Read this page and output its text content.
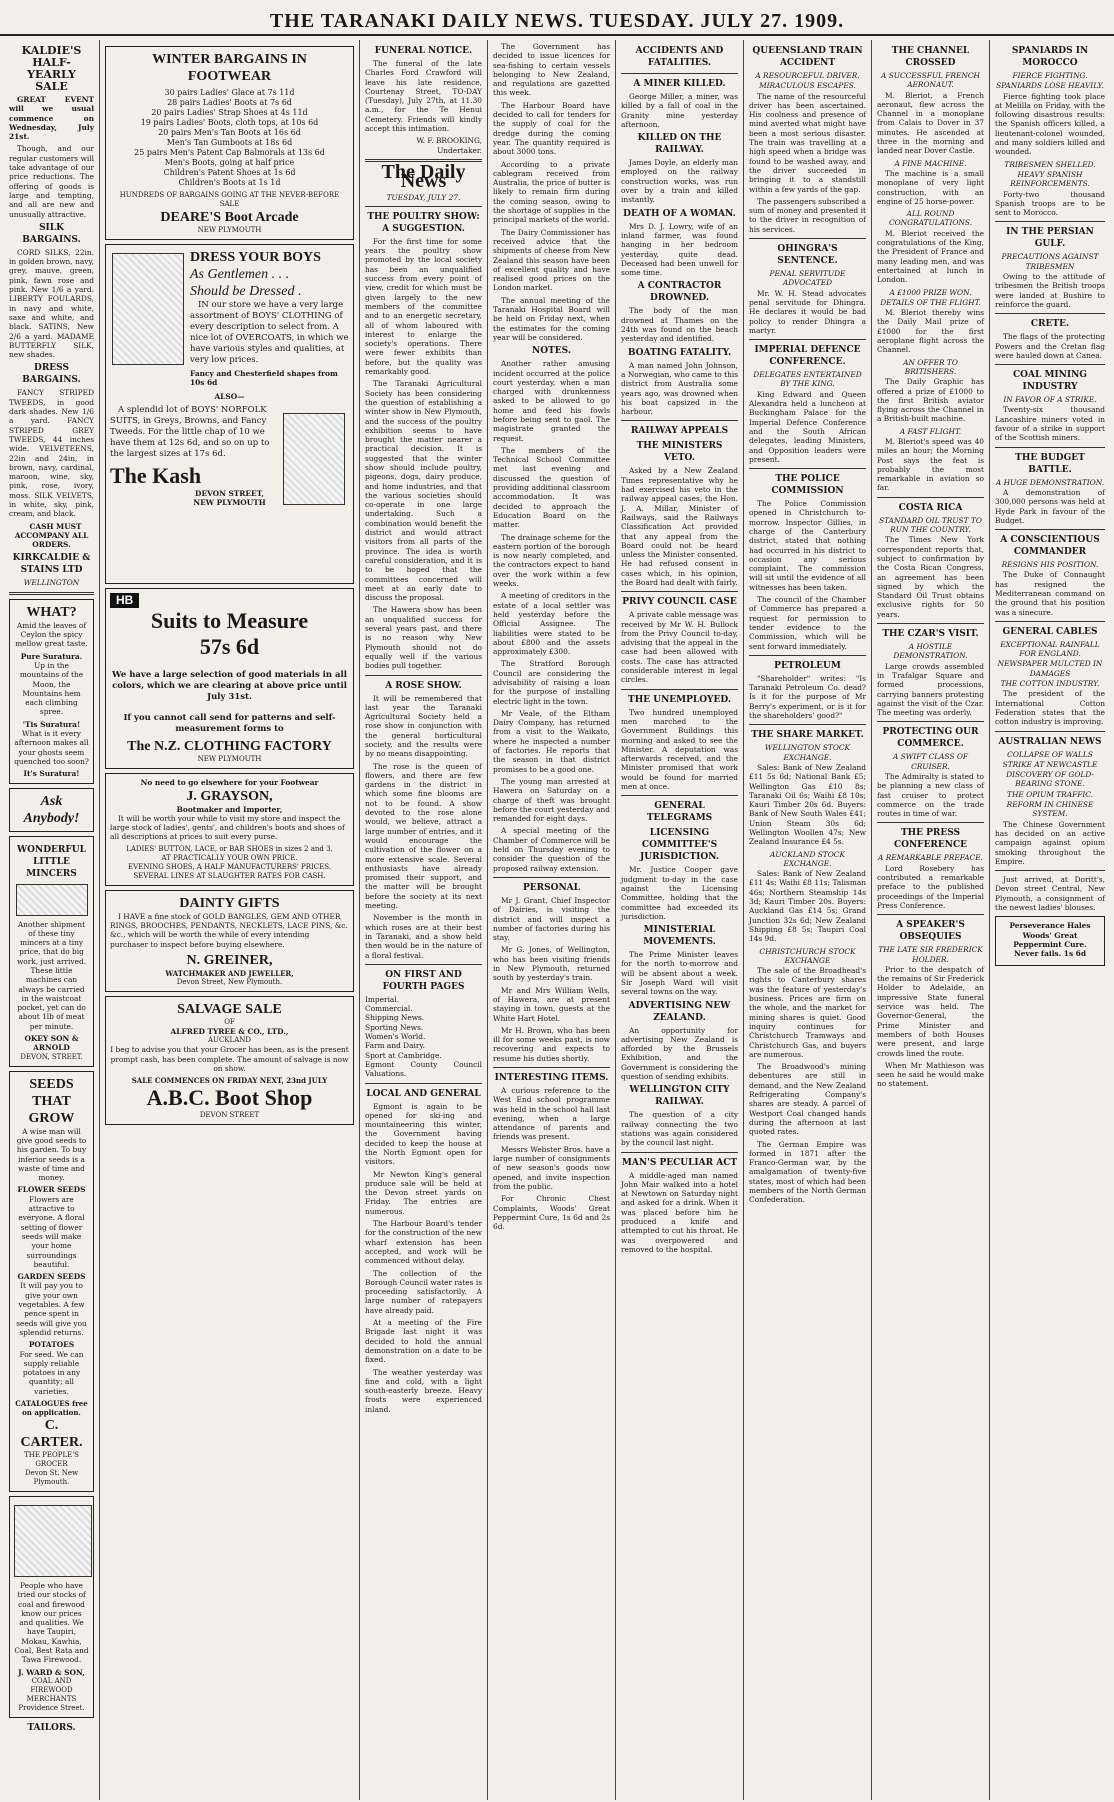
THE TARANAKI DAILY NEWS. TUESDAY. JULY 27. 1909.
KALDIE'S HALF-YEARLY SALE

GREAT EVENT will we usual commence on Wednesday, July 21st.

Though, and our regular customers will take advantage of our price reductions. The offering of goods is large and tempting, and all are new and unusually attractive.

SILK BARGAINS.

CORD SILKS, 22in. in golden brown, navy, grey, mauve, green, pink, fawn rose and pink. New 1/6 a yard. LIBERTY FOULARDS, in navy and white, saxe and white, and black. SATINS, New 2/6 a yard. MADAME BUTTERFLY SILK, new shades.

DRESS BARGAINS.

FANCY STRIPED TWEEDS, in good dark shades. New 1/6 a yard. FANCY STRIPED GREY TWEEDS, 44 inches wide. VELVETEENS, 22in and 24in, in brown, navy, cardinal, maroon, wine, sky, pink, rose, ivory, moss. SILK VELVETS, in white, sky, pink, cream, and black.

CASH MUST ACCOMPANY ALL ORDERS.

KIRKCALDIE & STAINS LTD
WELLINGTON
WHAT?

Amid the leaves of Ceylon the spicy mellow great taste.

Pure Suratura.

Up in the mountains of the Moon, the Mountains hem each climbing spree.

'Tis Suratura!

What is it every afternoon makes all your ghosts seem quenched too soon?

It's Suratura!
Ask Anybody!
WONDERFUL LITTLE MINCERS

Another shipment of these tiny mincers at a tiny price, that do big work, just arrived. These little machines can always be carried in the waistcoat pocket, yet can do about 1lb of meat per minute.

OKEY SON & ARNOLD
DEVON, STREET.
SEEDS THAT GROW

A wise man will give good seeds to his garden. To buy inferior seeds is a waste of time and money.

FLOWER SEEDS

Flowers are attractive to everyone. A floral setting of flower seeds will make your home surroundings beautiful.

GARDEN SEEDS

It will pay you to give your own vegetables. A few pence spent in seeds will give you splendid returns.

POTATOES

For seed. We can supply reliable potatoes in any quantity; all varieties.

CATALOGUES free on application.
C. CARTER.
THE PEOPLE'S GROCER
Devon St. New Plymouth.

People who have tried our stocks of coal and firewood know our prices and qualities. We have Taupiri, Mokau, Kawhia, Coal, Best Rata and Tawa Firewood.

J. WARD & SON,
COAL AND FIREWOOD MERCHANTS
Providence Street.
TAILORS.
WINTER BARGAINS IN FOOTWEAR
30 pairs Ladies' Glace at 7s 11d
28 pairs Ladies' Boots at 7s 6d
20 pairs Ladies' Strap Shoes at 4s 11d
19 pairs Ladies' Boots, cloth tops, at 10s 6d
20 pairs Men's Tan Boots at 16s 6d
Men's Tan Gumboots at 18s 6d
25 pairs Men's Patent Cap Balmorals at 13s 6d
Men's Boots, going at half price
Children's Patent Shoes at 1s 6d
Children's Boots at 1s 1d
HUNDREDS OF BARGAINS GOING AT THE NEVER-BEFORE SALE
DEARE'S Boot Arcade
NEW PLYMOUTH
DRESS YOUR BOYS
As Gentlemen . . .
Should be Dressed .

IN our store we have a very large assortment of BOYS' CLOTHING of every description to select from. A nice lot of OVERCOATS, in which we have various styles and qualities, at very low prices.

Fancy and Chesterfield shapes from 10s 6d
ALSO—

A splendid lot of BOYS' NORFOLK SUITS, in Greys, Browns, and Fancy Tweeds. For the little chap of 10 we have them at 12s 6d, and so on up to the largest sizes at 17s 6d.

The Kash
DEVON STREET,
NEW PLYMOUTH
HB
Suits to Measure
57s 6d

We have a large selection of good materials in all colors, which we are clearing at above price until July 31st.

If you cannot call send for patterns and self-measurement forms to

The N.Z. CLOTHING FACTORY
NEW PLYMOUTH
No need to go elsewhere for your Footwear
J. GRAYSON,
Bootmaker and Importer,

It will be worth your while to visit my store and inspect the large stock of ladies', gents', and children's boots and shoes of all descriptions at prices to suit every purse.

LADIES' BUTTON, LACE, or BAR SHOES in sizes 2 and 3,
AT PRACTICALLY YOUR OWN PRICE.
EVENING SHOES, A HALF MANUFACTURERS' PRICES.
SEVERAL LINES AT SLAUGHTER RATES FOR CASH.
DAINTY GIFTS

I HAVE a fine stock of GOLD BANGLES, GEM AND OTHER RINGS, BROOCHES, PENDANTS, NECKLETS, LACE PINS, &c. &c., which will be worth the while of every intending purchaser to inspect before buying elsewhere.

N. GREINER,
WATCHMAKER AND JEWELLER,
Devon Street, New Plymouth.
SALVAGE SALE
OF
ALFRED TYREE & CO., LTD.,
AUCKLAND

I beg to advise you that your Grocer has been, as is the present prompt cash, has been complete. The amount of salvage is now on show.

SALE COMMENCES ON FRIDAY NEXT, 23nd JULY
A.B.C. Boot Shop
DEVON STREET
FUNERAL NOTICE.

The funeral of the late Charles Ford Crawford will leave his late residence, Courtenay Street, TO-DAY (Tuesday), July 27th, at 11.30 a.m., for the Te Henui Cemetery. Friends will kindly accept this intimation.

W. F. BROOKING, Undertaker.

The Daily News
TUESDAY, JULY 27.
THE POULTRY SHOW: A SUGGESTION.

For the first time for some years the poultry show promoted by the local society has been an unqualified success from every point of view, credit for which must be given largely to the new members of the committee and to an energetic secretary, all of whom laboured with interest to enlarge the society's operations. There were fewer exhibits than before, but the quality was remarkably good.

The Taranaki Agricultural Society has been considering the question of establishing a winter show in New Plymouth, and the success of the poultry exhibition seems to have brought the matter nearer a practical decision. It is suggested that the winter show should include poultry, pigeons, dogs, dairy produce, and home industries, and that the various societies should co-operate in one large undertaking. Such a combination would benefit the district and would attract visitors from all parts of the province. The idea is worth careful consideration, and it is to be hoped that the committees concerned will meet at an early date to discuss the proposal.

The Hawera show has been an unqualified success for several years past, and there is no reason why New Plymouth should not do equally well if the various bodies pull together.

A ROSE SHOW.

It will be remembered that last year the Taranaki Agricultural Society held a rose show in conjunction with the general horticultural society, and the results were by no means disappointing.

The rose is the queen of flowers, and there are few gardens in the district in which some fine blooms are not to be found. A show devoted to the rose alone would, we believe, attract a large number of entries, and it would encourage the cultivation of the flower on a more extensive scale. Several enthusiasts have already promised their support, and the matter will be brought before the society at its next meeting.

November is the month in which roses are at their best in Taranaki, and a show held then would be in the nature of a floral festival.

ON FIRST AND FOURTH PAGES
Imperial.
Commercial.
Shipping News.
Sporting News.
Women's World.
Farm and Dairy.
Sport at Cambridge.
Egmont County Council Valuations.
LOCAL AND GENERAL

Egmont is again to be opened for ski-ing and mountaineering this winter, the Government having decided to keep the house at the North Egmont open for visitors.

Mr Newton King's general produce sale will be held at the Devon street yards on Friday. The entries are numerous.

The Harbour Board's tender for the construction of the new wharf extension has been accepted, and work will be commenced without delay.

The collection of the Borough Council water rates is proceeding satisfactorily. A large number of ratepayers have already paid.

At a meeting of the Fire Brigade last night it was decided to hold the annual demonstration on a date to be fixed.

The weather yesterday was fine and cold, with a light south-easterly breeze. Heavy frosts were experienced inland.

The Government has decided to issue licences for sea-fishing to certain vessels belonging to New Zealand, and regulations are gazetted this week.

The Harbour Board have decided to call for tenders for the supply of coal for the dredge during the coming year. The quantity required is about 3000 tons.

According to a private cablegram received from Australia, the price of butter is likely to remain firm during the coming season, owing to the shortage of supplies in the principal markets of the world.

The Dairy Commissioner has received advice that the shipments of cheese from New Zealand this season have been of excellent quality and have realised good prices on the London market.

The annual meeting of the Taranaki Hospital Board will be held on Friday next, when the estimates for the coming year will be considered.

NOTES.

Another rather amusing incident occurred at the police court yesterday, when a man charged with drunkenness asked to be allowed to go home and feed his fowls before being sent to gaol. The magistrate granted the request.

The members of the Technical School Committee met last evening and discussed the question of providing additional classroom accommodation. It was decided to approach the Education Board on the matter.

The drainage scheme for the eastern portion of the borough is now nearly completed, and the contractors expect to hand over the work within a few weeks.

A meeting of creditors in the estate of a local settler was held yesterday before the Official Assignee. The liabilities were stated to be about £800 and the assets approximately £300.

The Stratford Borough Council are considering the advisability of raising a loan for the purpose of installing electric light in the town.

Mr Veale, of the Eltham Dairy Company, has returned from a visit to the Waikato, where he inspected a number of factories. He reports that the season in that district promises to be a good one.

The young man arrested at Hawera on Saturday on a charge of theft was brought before the court yesterday and remanded for eight days.

A special meeting of the Chamber of Commerce will be held on Thursday evening to consider the question of the proposed railway extension.

PERSONAL

Mr J. Grant, Chief Inspector of Dairies, is visiting the district and will inspect a number of factories during his stay.

Mr G. Jones, of Wellington, who has been visiting friends in New Plymouth, returned south by yesterday's train.

Mr and Mrs William Wells, of Hawera, are at present staying in town, guests at the White Hart Hotel.

Mr H. Brown, who has been ill for some weeks past, is now recovering and expects to resume his duties shortly.

INTERESTING ITEMS.

A curious reference to the West End school programme was held in the school hall last evening, when a large attendance of parents and friends was present.

Messrs Webster Bros. have a large number of consignments of new season's goods now opened, and invite inspection from the public.

For Chronic Chest Complaints, Woods' Great Peppermint Cure, 1s 6d and 2s 6d.

ACCIDENTS AND FATALITIES.
A MINER KILLED.

George Miller, a miner, was killed by a fall of coal in the Granity mine yesterday afternoon.

KILLED ON THE RAILWAY.

James Doyle, an elderly man employed on the railway construction works, was run over by a train and killed instantly.

DEATH OF A WOMAN.

Mrs D. J. Lowry, wife of an inland farmer, was found hanging in her bedroom yesterday, quite dead. Deceased had been unwell for some time.

A CONTRACTOR DROWNED.

The body of the man drowned at Thames on the 24th was found on the beach yesterday and identified.

BOATING FATALITY.

A man named John Johnson, a Norwegian, who came to this district from Australia some years ago, was drowned when his boat capsized in the harbour.

RAILWAY APPEALS
THE MINISTERS VETO.

Asked by a New Zealand Times representative why he had exercised his veto in the railway appeal cases, the Hon. J. A. Millar, Minister of Railways, said the Railways Classification Act provided that any appeal from the Board could not be heard unless the Minister consented. He had refused consent in cases which, in his opinion, the Board had dealt with fairly.

PRIVY COUNCIL CASE

A private cable message was received by Mr W. H. Bullock from the Privy Council to-day, advising that the appeal in the case had been allowed with costs. The case has attracted considerable interest in legal circles.

THE UNEMPLOYED.

Two hundred unemployed men marched to the Government Buildings this morning and asked to see the Minister. A deputation was afterwards received, and the Minister promised that work would be found for married men at once.

GENERAL TELEGRAMS
LICENSING COMMITTEE'S JURISDICTION.

Mr. Justice Cooper gave judgment to-day in the case against the Licensing Committee, holding that the committee had exceeded its jurisdiction.

MINISTERIAL MOVEMENTS.

The Prime Minister leaves for the north to-morrow and will be absent about a week. Sir Joseph Ward will visit several towns on the way.

ADVERTISING NEW ZEALAND.

An opportunity for advertising New Zealand is afforded by the Brussels Exhibition, and the Government is considering the question of sending exhibits.

WELLINGTON CITY RAILWAY.

The question of a city railway connecting the two stations was again considered by the council last night.

MAN'S PECULIAR ACT

A middle-aged man named John Mair walked into a hotel at Newtown on Saturday night and asked for a drink. When it was placed before him he produced a knife and attempted to cut his throat. He was overpowered and removed to the hospital.

QUEENSLAND TRAIN ACCIDENT
A RESOURCEFUL DRIVER.
MIRACULOUS ESCAPES.

The name of the resourceful driver has been ascertained. His coolness and presence of mind averted what might have been a most serious disaster. The train was travelling at a high speed when a bridge was found to be washed away, and the driver succeeded in bringing it to a standstill within a few yards of the gap.

The passengers subscribed a sum of money and presented it to the driver in recognition of his services.

OHINGRA'S SENTENCE.
PENAL SERVITUDE ADVOCATED

Mr. W. H. Stead advocates penal servitude for Dhingra. He declares it would be bad policy to render Dhingra a martyr.

IMPERIAL DEFENCE CONFERENCE.
DELEGATES ENTERTAINED BY THE KING.

King Edward and Queen Alexandra held a luncheon at Buckingham Palace for the Imperial Defence Conference and the South African delegates, leading Ministers, and Opposition leaders were present.

THE POLICE COMMISSION

The Police Commission opened in Christchurch to-morrow. Inspector Gillies, in charge of the Canterbury district, stated that nothing had occurred in his district to occasion any serious complaint. The commission will sit until the evidence of all witnesses has been taken.

The council of the Chamber of Commerce has prepared a request for permission to tender evidence to the Commission, which will be sent forward immediately.

PETROLEUM

"Shareholder" writes: "Is Taranaki Petroleum Co. dead? Is it for the purpose of Mr Berry's experiment, or is it for the shareholders' good?"

THE SHARE MARKET.
WELLINGTON STOCK EXCHANGE.

Sales: Bank of New Zealand £11 5s 6d; National Bank £5; Wellington Gas £10 8s; Taranaki Oil 6s; Waihi £8 10s; Kauri Timber 20s 6d. Buyers: Bank of New South Wales £41; Union Steam 30s 6d; Wellington Woollen 47s; New Zealand Insurance £4 5s.

AUCKLAND STOCK EXCHANGE.

Sales: Bank of New Zealand £11 4s; Waihi £8 11s; Talisman 46s; Northern Steamship 14s 3d; Kauri Timber 20s. Buyers: Auckland Gas £14 5s; Grand Junction 32s 6d; New Zealand Shipping £8 5s; Taupiri Coal 14s 9d.

CHRISTCHURCH STOCK EXCHANGE

The sale of the Broadhead's rights to Canterbury shares was the feature of yesterday's business. Prices are firm on the whole, and the market for mining shares is quiet. Good inquiry continues for Christchurch Tramways and Christchurch Gas, and buyers are numerous.

The Broadwood's mining debentures are still in demand, and the New Zealand Refrigerating Company's shares are steady. A parcel of Westport Coal changed hands during the afternoon at last quoted rates.

The German Empire was formed in 1871 after the Franco-German war, by the amalgamation of twenty-five states, most of which had been members of the North German Confederation.

THE CHANNEL CROSSED
A SUCCESSFUL FRENCH AERONAUT.

M. Bleriot, a French aeronaut, flew across the Channel in a monoplane from Calais to Dover in 37 minutes. He ascended at three in the morning and landed near Dover Castle.

A FINE MACHINE.

The machine is a small monoplane of very light construction, with an engine of 25 horse-power.

ALL ROUND CONGRATULATIONS.

M. Bleriot received the congratulations of the King, the President of France and many leading men, and was entertained at lunch in London.

A £1000 PRIZE WON.
DETAILS OF THE FLIGHT.

M. Bleriot thereby wins the Daily Mail prize of £1000 for the first aeroplane flight across the Channel.

AN OFFER TO BRITISHERS.

The Daily Graphic has offered a prize of £1000 to the first British aviator flying across the Channel in a British-built machine.

A FAST FLIGHT.

M. Bleriot's speed was 40 miles an hour; the Morning Post says the feat is probably the most remarkable in aviation so far.

COSTA RICA
STANDARD OIL TRUST TO RUN THE COUNTRY.

The Times New York correspondent reports that, subject to confirmation by the Costa Rican Congress, an agreement has been signed by which the Standard Oil Trust obtains exclusive rights for 50 years.

THE CZAR'S VISIT.
A HOSTILE DEMONSTRATION.

Large crowds assembled in Trafalgar Square and formed processions, carrying banners protesting against the visit of the Czar. The meeting was orderly.

PROTECTING OUR COMMERCE.
A SWIFT CLASS OF CRUISER.

The Admiralty is stated to be planning a new class of fast cruiser to protect commerce on the trade routes in time of war.

THE PRESS CONFERENCE
A REMARKABLE PREFACE.

Lord Rosebery has contributed a remarkable preface to the published proceedings of the Imperial Press Conference.

A SPEAKER'S OBSEQUIES
THE LATE SIR FREDERICK HOLDER.

Prior to the despatch of the remains of Sir Frederick Holder to Adelaide, an impressive State funeral service was held. The Governor-General, the Prime Minister and members of both Houses were present, and large crowds lined the route.

When Mr Mathieson was seen he said he would make no statement.

SPANIARDS IN MOROCCO
FIERCE FIGHTING.
SPANIARDS LOSE HEAVILY.

Fierce fighting took place at Melilla on Friday, with the following disastrous results: the Spanish officers killed, a lieutenant-colonel wounded, and many soldiers killed and wounded.

TRIBESMEN SHELLED.
HEAVY SPANISH REINFORCEMENTS.

Forty-two thousand Spanish troops are to be sent to Morocco.

IN THE PERSIAN GULF.
PRECAUTIONS AGAINST TRIBESMEN

Owing to the attitude of tribesmen the British troops were landed at Bushire to reinforce the guard.

CRETE.

The flags of the protecting Powers and the Cretan flag were hauled down at Canea.

COAL MINING INDUSTRY
IN FAVOR OF A STRIKE.

Twenty-six thousand Lancashire miners voted in favour of a strike in support of the Scottish miners.

THE BUDGET BATTLE.
A HUGE DEMONSTRATION.

A demonstration of 300,000 persons was held at Hyde Park in favour of the Budget.

A CONSCIENTIOUS COMMANDER
RESIGNS HIS POSITION.

The Duke of Connaught has resigned the Mediterranean command on the ground that his position was a sinecure.

GENERAL CABLES
EXCEPTIONAL RAINFALL FOR ENGLAND.
NEWSPAPER MULCTED IN DAMAGES
THE COTTON INDUSTRY.

The president of the International Cotton Federation states that the cotton industry is improving.

AUSTRALIAN NEWS
COLLAPSE OF WALLS
STRIKE AT NEWCASTLE
DISCOVERY OF GOLD-BEARING STONE.
THE OPIUM TRAFFIC.
REFORM IN CHINESE SYSTEM.

The Chinese Government has decided on an active campaign against opium smoking throughout the Empire.

Just arrived, at Doritt's, Devon street Central, New Plymouth, a consignment of the newest ladies' blouses.

Perseverance Hales Woods' Great Peppermint Cure. Never fails. 1s 6d
